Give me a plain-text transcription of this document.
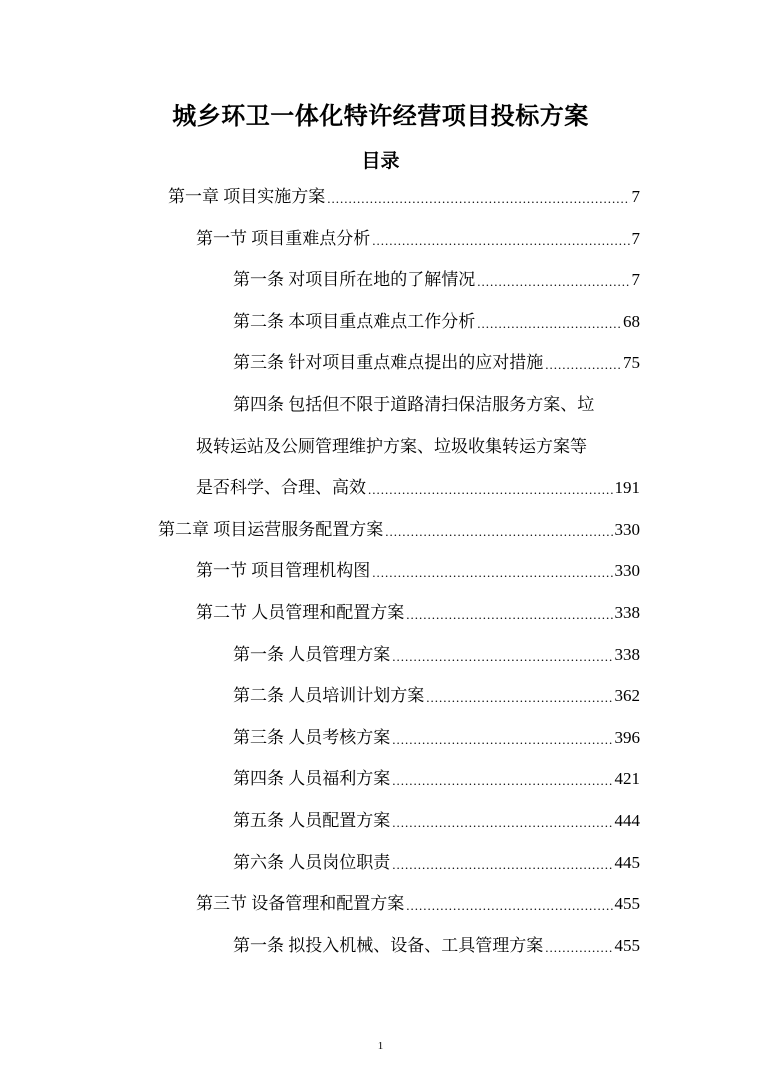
城乡环卫一体化特许经营项目投标方案
目录
第一章 项目实施方案 .....	7
第一节 项目重难点分析 .....	7
第一条 对项目所在地的了解情况 .....	7
第二条 本项目重点难点工作分析 .....	68
第三条 针对项目重点难点提出的应对措施 .....	75
第四条 包括但不限于道路清扫保洁服务方案、垃
圾转运站及公厕管理维护方案、垃圾收集转运方案等
是否科学、合理、高效 .....	191
第二章 项目运营服务配置方案 .....	330
第一节 项目管理机构图 .....	330
第二节 人员管理和配置方案 .....	338
第一条 人员管理方案 .....	338
第二条 人员培训计划方案 .....	362
第三条 人员考核方案 .....	396
第四条 人员福利方案 .....	421
第五条 人员配置方案 .....	444
第六条 人员岗位职责 .....	445
第三节 设备管理和配置方案 .....	455
第一条 拟投入机械、设备、工具管理方案 .....	455
1
